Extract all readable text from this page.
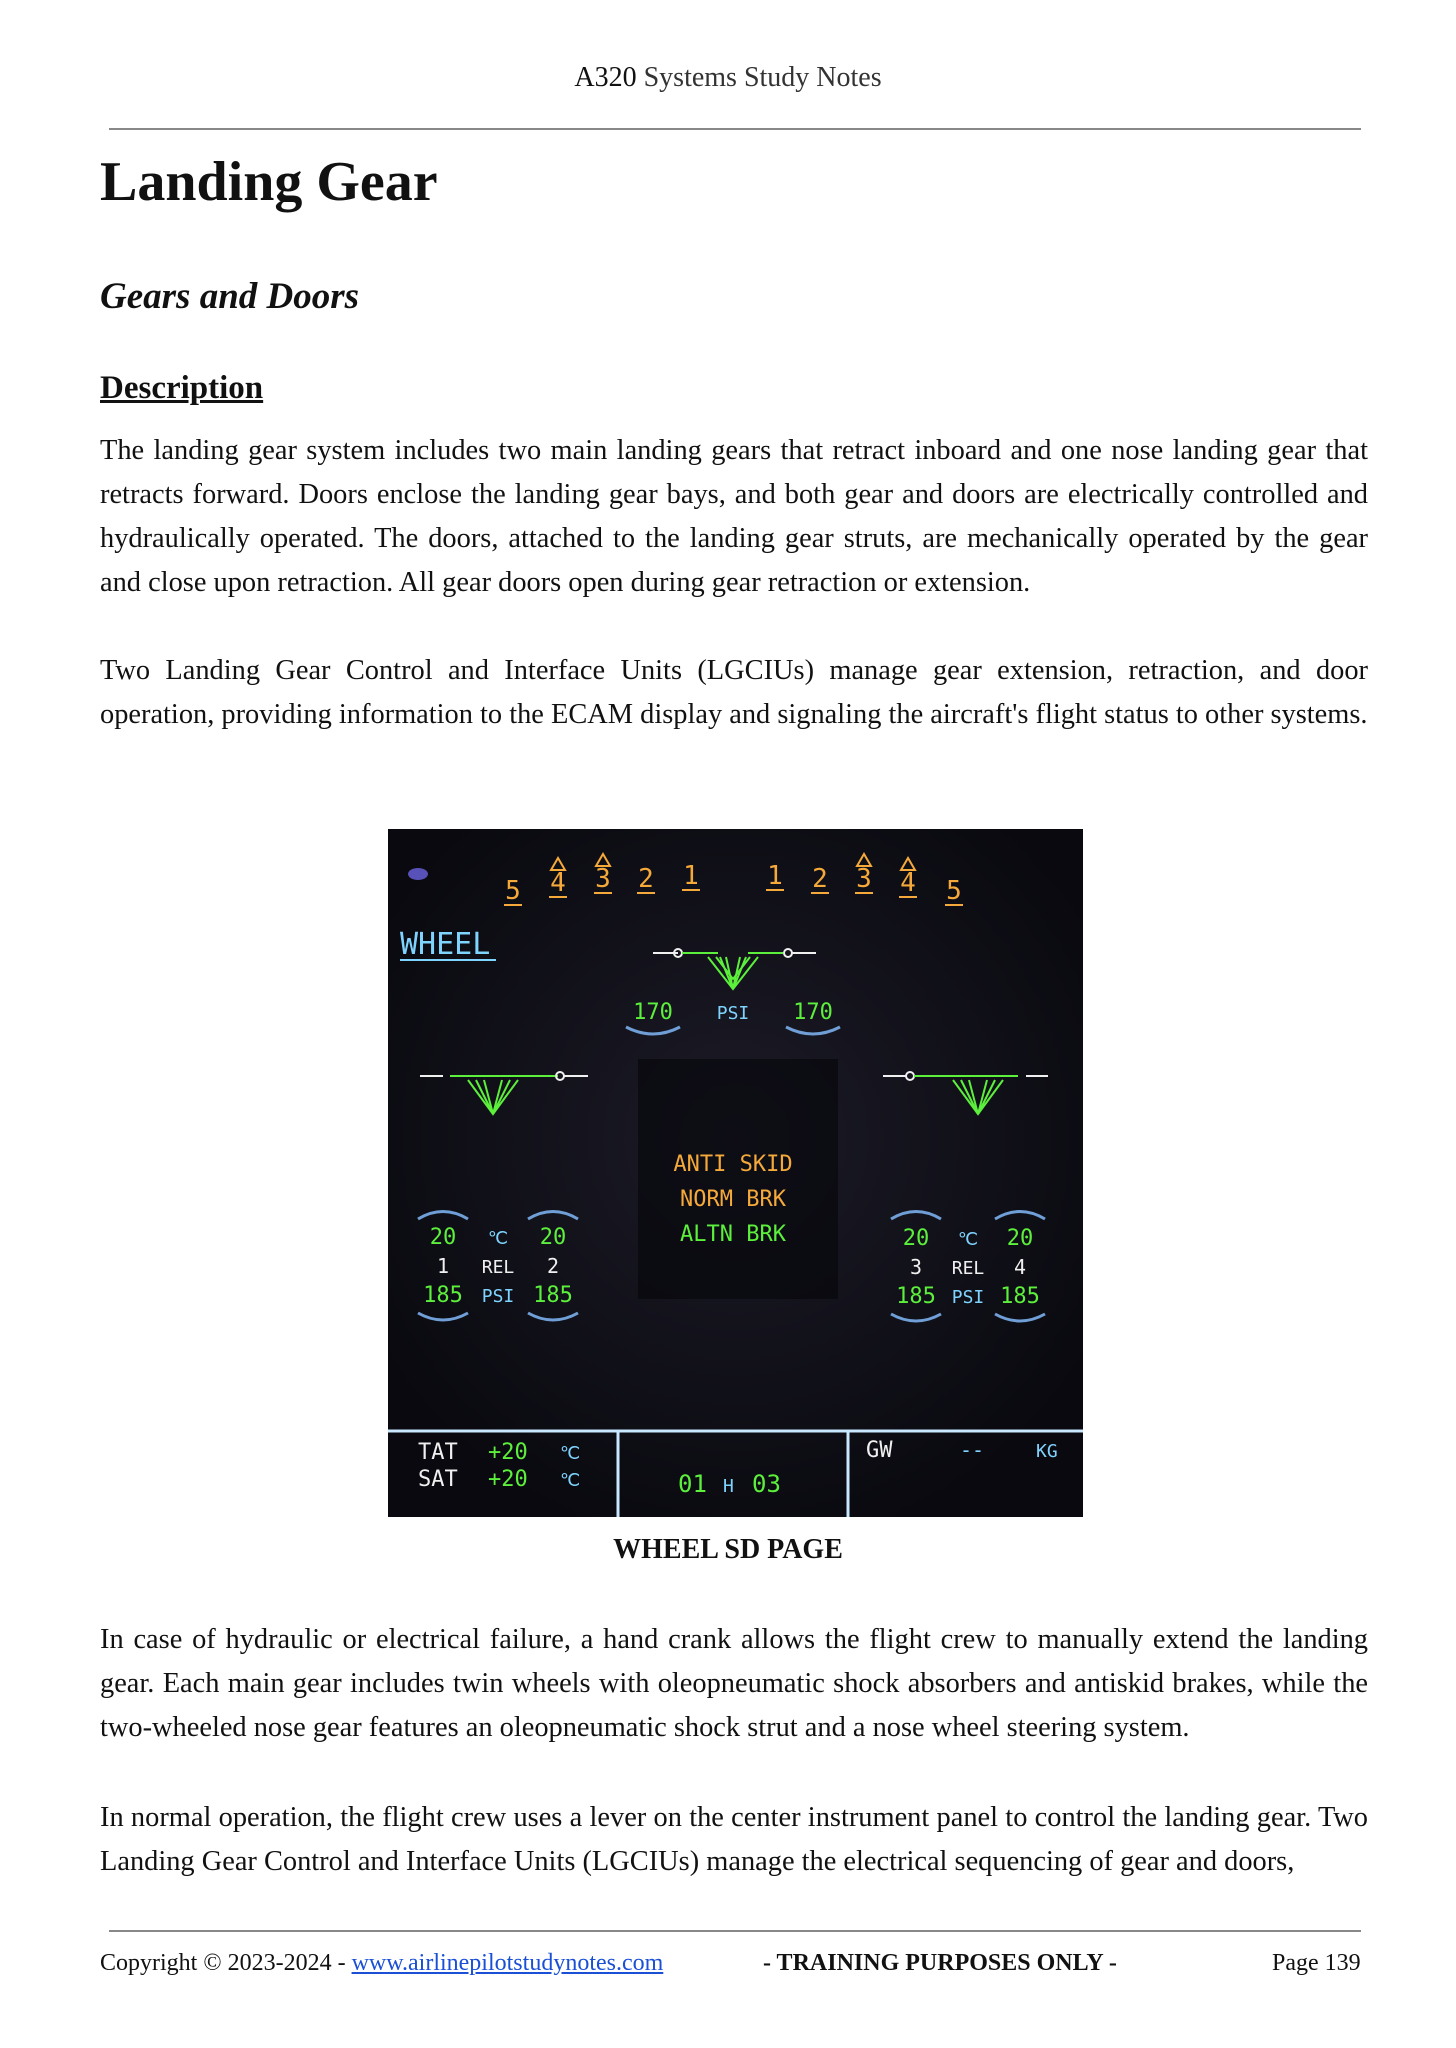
A320 Systems Study Notes
Landing Gear
Gears and Doors
Description

The landing gear system includes two main landing gears that retract inboard and one nose landing gear that retracts forward. Doors enclose the landing gear bays, and both gear and doors are electrically controlled and hydraulically operated. The doors, attached to the landing gear struts, are mechanically operated by the gear and close upon retraction. All gear doors open during gear retraction or extension.

Two Landing Gear Control and Interface Units (LGCIUs) manage gear extension, retraction, and door operation, providing information to the ECAM display and signaling the aircraft's flight status to other systems.

5 4 3 2 1	1 2 3 4 5
WHEEL
170 PSI 170
ANTI SKID
NORM BRK
ALTN BRK
20 ℃ 20
1 REL 2
185 PSI 185
20 ℃ 20
3 REL 4
185 PSI 185
TAT +20 ℃
SAT +20 ℃	01 H 03
GW	--	KG
WHEEL SD PAGE

In case of hydraulic or electrical failure, a hand crank allows the flight crew to manually extend the landing gear. Each main gear includes twin wheels with oleopneumatic shock absorbers and antiskid brakes, while the two-wheeled nose gear features an oleopneumatic shock strut and a nose wheel steering system.

In normal operation, the flight crew uses a lever on the center instrument panel to control the landing gear. Two Landing Gear Control and Interface Units (LGCIUs) manage the electrical sequencing of gear and doors,

Copyright © 2023-2024 - www.airlinepilotstudynotes.com	- TRAINING PURPOSES ONLY -	Page 139
